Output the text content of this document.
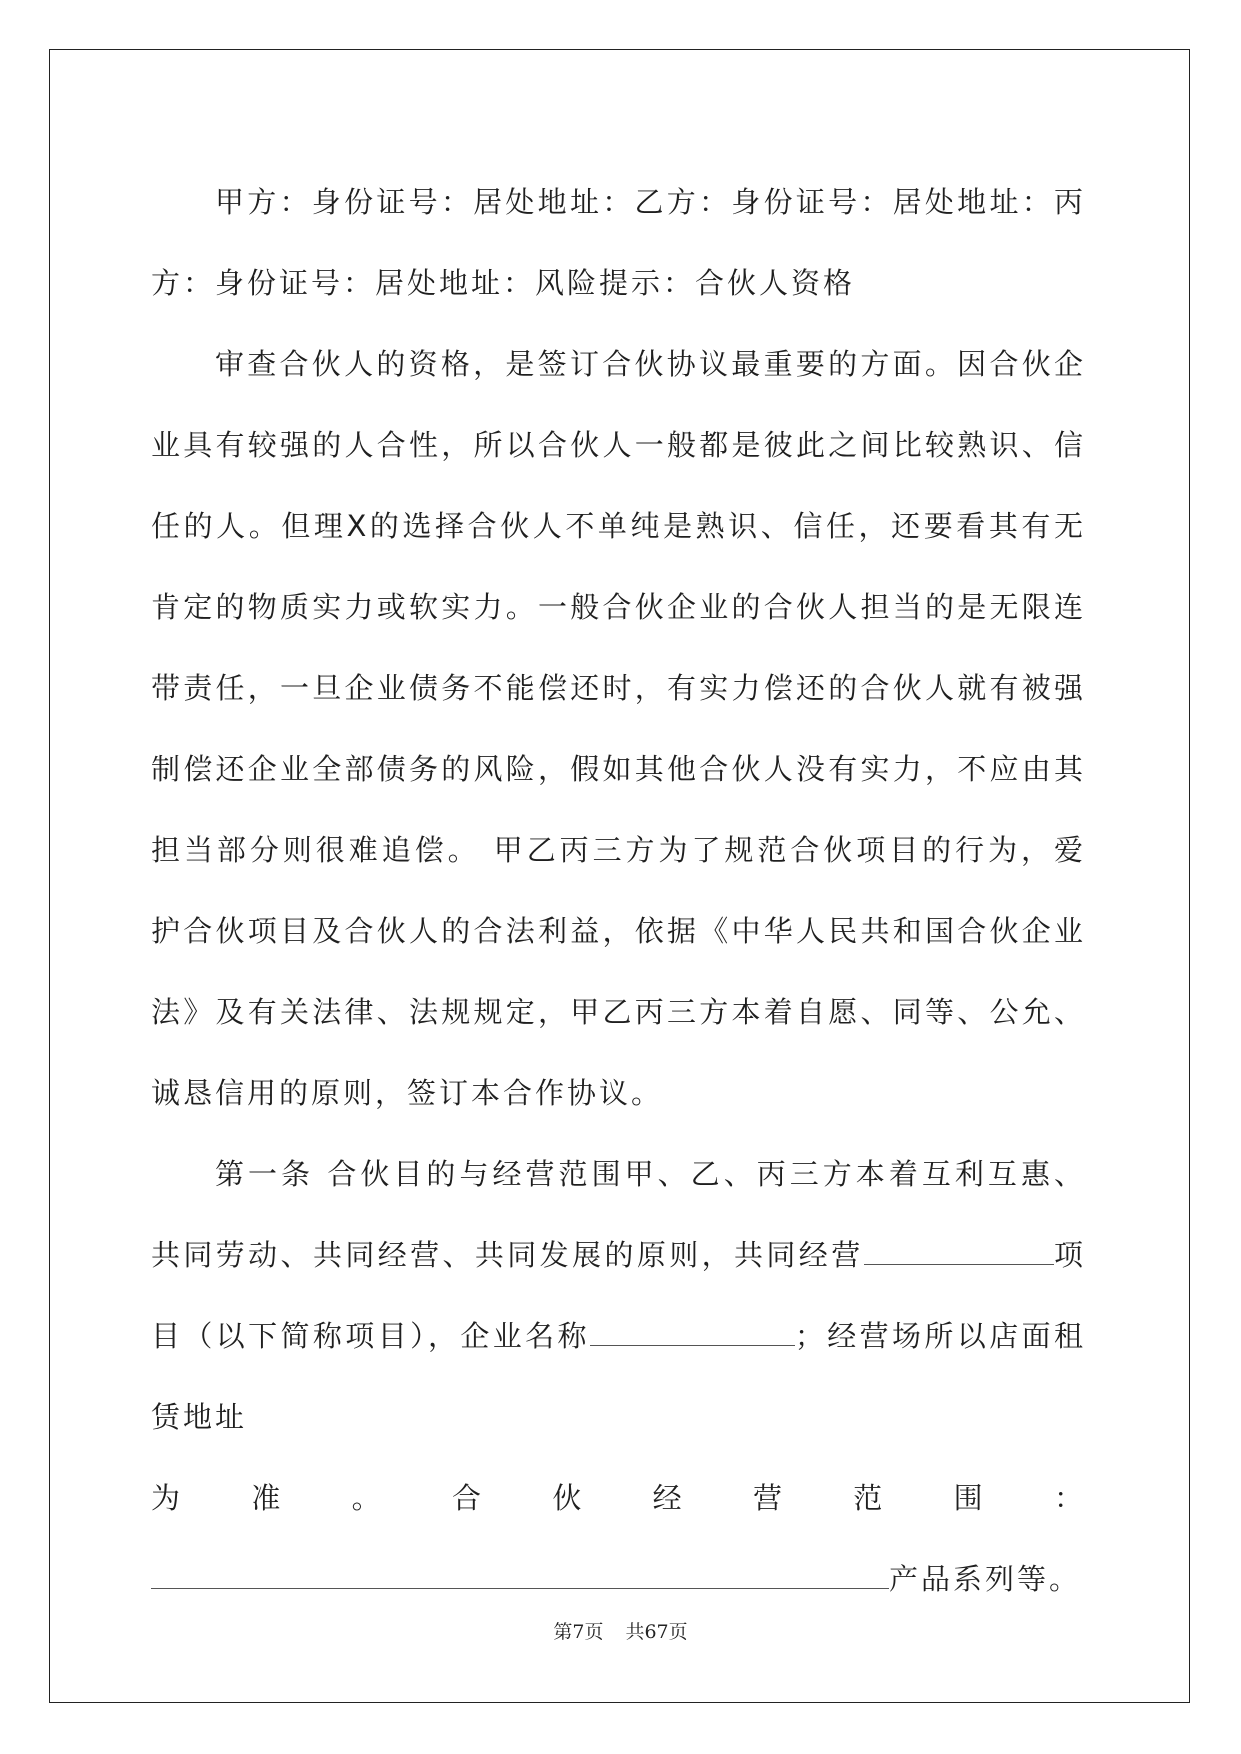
甲方：身份证号：居处地址：乙方：身份证号：居处地址：丙方：身份证号：居处地址：风险提示：合伙人资格

审查合伙人的资格，是签订合伙协议最重要的方面。因合伙企业具有较强的人合性，所以合伙人一般都是彼此之间比较熟识、信任的人。但理X的选择合伙人不单纯是熟识、信任，还要看其有无肯定的物质实力或软实力。一般合伙企业的合伙人担当的是无限连带责任，一旦企业债务不能偿还时，有实力偿还的合伙人就有被强制偿还企业全部债务的风险，假如其他合伙人没有实力，不应由其担当部分则很难追偿。 甲乙丙三方为了规范合伙项目的行为，爱护合伙项目及合伙人的合法利益，依据《中华人民共和国合伙企业法》及有关法律、法规规定，甲乙丙三方本着自愿、同等、公允、诚恳信用的原则，签订本合作协议。

第一条 合伙目的与经营范围甲、乙、丙三方本着互利互惠、共同劳动、共同经营、共同发展的原则，共同经营	项目（以下简称项目），企业名称	；经营场所以店面租赁地址

为 准 。 合 伙 经 营 范 围 ：

产品系列等。

第7页 共67页
